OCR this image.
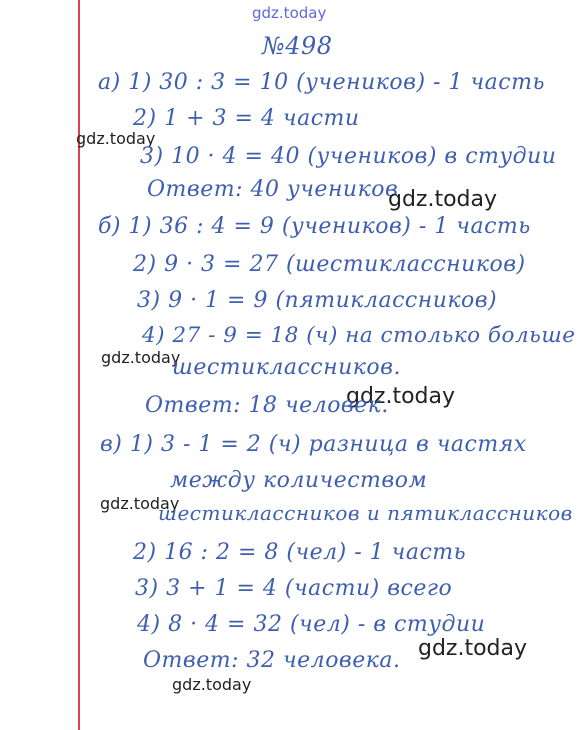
gdz.today
№498
а) 1) 30 : 3 = 10 (учеников) - 1 часть
2) 1 + 3 = 4 части
gdz.today
3) 10 · 4 = 40 (учеников) в студии
Ответ: 40 учеников
gdz.today
б) 1) 36 : 4 = 9 (учеников) - 1 часть
2) 9 · 3 = 27 (шестиклассников)
3) 9 · 1 = 9 (пятиклассников)
4) 27 - 9 = 18 (ч) на столько больше
gdz.today
шестиклассников.
gdz.today
Ответ: 18 человек.
в) 1) 3 - 1 = 2 (ч) разница в частях
между количеством
gdz.today
шестиклассников и пятиклассников
2) 16 : 2 = 8 (чел) - 1 часть
3) 3 + 1 = 4 (части) всего
4) 8 · 4 = 32 (чел) - в студии
gdz.today
Ответ: 32 человека.
gdz.today
